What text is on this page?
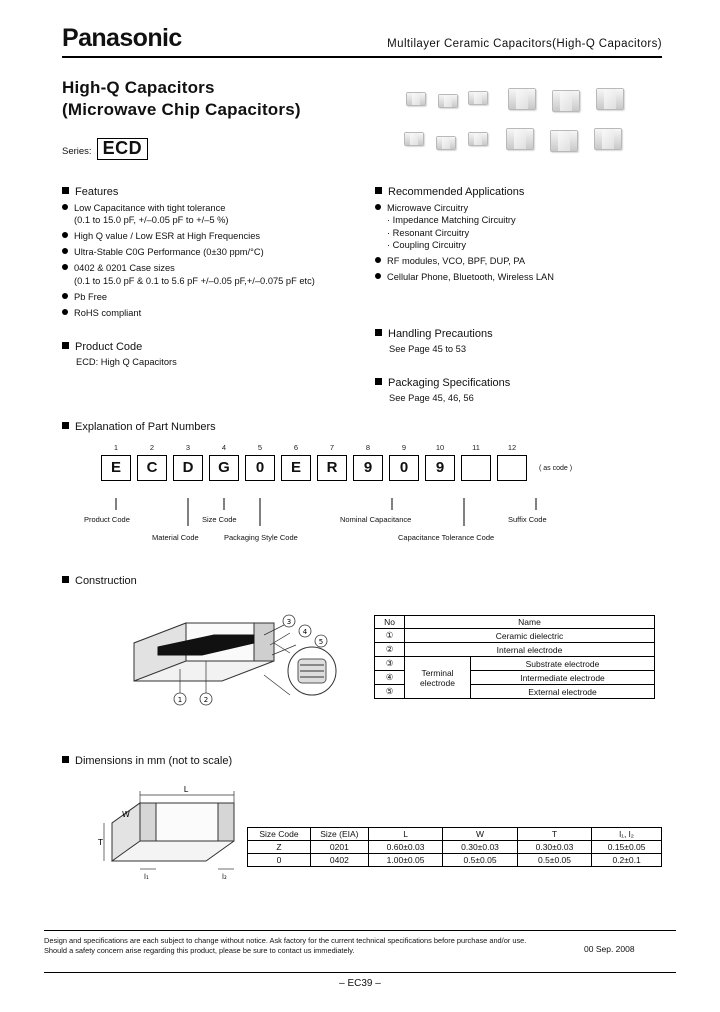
Panasonic	Multilayer Ceramic Capacitors(High-Q Capacitors)
High-Q Capacitors
(Microwave Chip Capacitors)
Series: ECD
Features
Low Capacitance with tight tolerance
(0.1 to 15.0 pF, +/–0.05 pF to +/–5 %)
High Q value / Low ESR at High Frequencies
Ultra-Stable C0G Performance (0±30 ppm/°C)
0402 & 0201 Case sizes
(0.1 to 15.0 pF & 0.1 to 5.6 pF +/–0.05 pF,+/–0.075 pF etc)
Pb Free
RoHS compliant
Product Code
ECD: High Q Capacitors
Recommended Applications
Microwave Circuitry
· Impedance Matching Circuitry
· Resonant Circuitry
· Coupling Circuitry
RF modules, VCO, BPF, DUP, PA
Cellular Phone, Bluetooth, Wireless LAN
Handling Precautions
See Page 45 to 53
Packaging Specifications
See Page 45, 46, 56
Explanation of Part Numbers
1	2	3	4	5	6	7	8	9	10	11	12
E	C	D	G	0	E	R	9	0	9	( as code )
Product Code
Material Code
Size Code
Packaging Style Code
Nominal Capacitance
Capacitance Tolerance Code
Suffix Code
Construction
1	2
3
4
5
No	Name	
①	Ceramic dielectric	
②	Internal electrode	
③	Terminal electrode	Substrate electrode
④		Intermediate electrode
⑤		External electrode
Dimensions in mm (not to scale)
L
W
T
l₁	l₂
Size Code	Size (EIA)	L	W	T	l₁, l₂
Z	0201	0.60±0.03	0.30±0.03	0.30±0.03	0.15±0.05
0	0402	1.00±0.05	0.5±0.05	0.5±0.05	0.2±0.1
Design and specifications are each subject to change without notice. Ask factory for the current technical specifications before purchase and/or use.
Should a safety concern arise regarding this product, please be sure to contact us immediately.	00 Sep. 2008
– EC39 –
